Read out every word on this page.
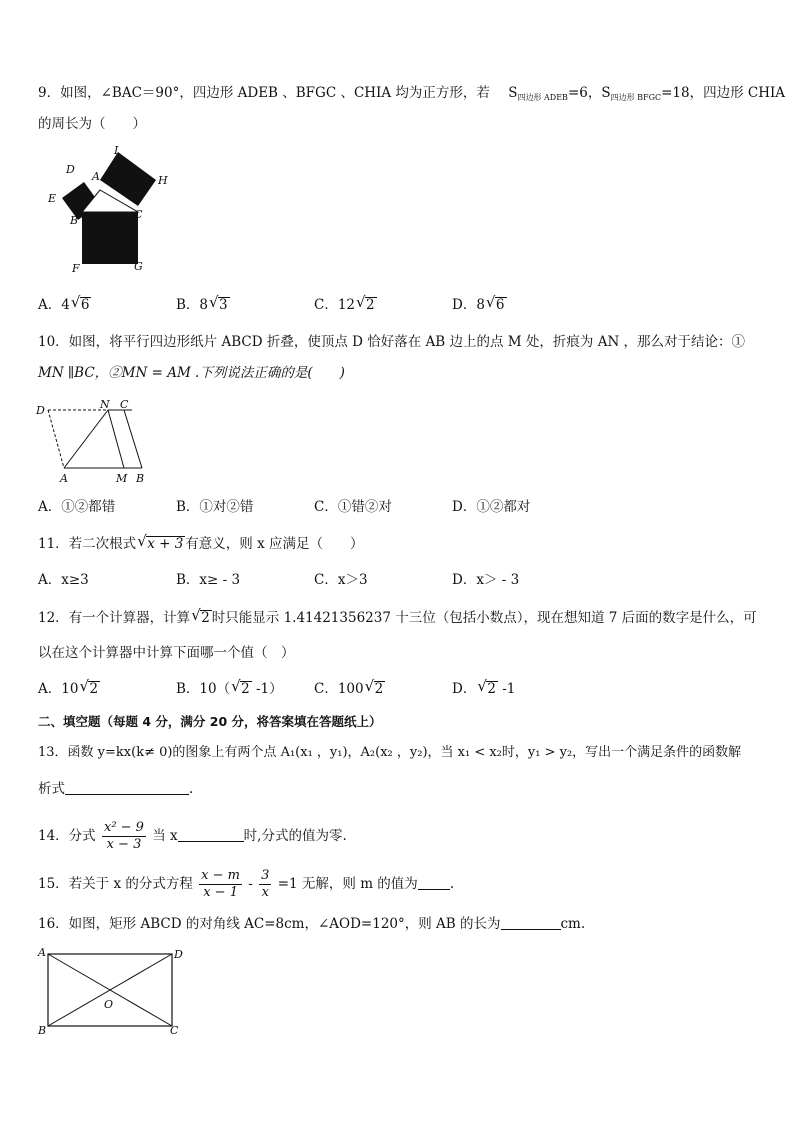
9．如图，∠BAC＝90°，四边形 ADEB 、BFGC 、CHIA 均为正方形，若 $S_{四边形 ADEB}=6$，$S_{四边形 BFGC}=18$，四边形 CHIA
的周长为（　　）
D
A
I
H
E
B	C
F	G
A．4 √ 6	B．8 √ 3	C．12 √ 2	D．8 √ 6
10．如图，将平行四边形纸片 ABCD 折叠，使顶点 D 恰好落在 AB 边上的点 M 处，折痕为 AN ，那么对于结论：①
MN ∥BC，②MN = AM .下列说法正确的是(　　)
D	N C
A	M B
A．①②都错	B．①对②错	C．①错②对	D．①②都对
11．若二次根式 √ x + 3 有意义，则 x 应满足（　　）
A．x≥3	B．x≥ - 3	C．x＞3	D．x＞ - 3
12．有一个计算器，计算 √ 2 时只能显示 1.41421356237 十三位（包括小数点），现在想知道 7 后面的数字是什么，可
以在这个计算器中计算下面哪一个值（　）
A．10 √ 2	B．10（ √ 2 -1） C．100 √ 2	D． √ 2 -1
二、填空题（每题 4 分，满分 20 分，将答案填在答题纸上）
13．函数 y=kx(k≠ 0)的图象上有两个点 A₁(x₁ ，y₁)，A₂(x₂ ，y₂)，当 x₁ < x₂时，y₁ > y₂，写出一个满足条件的函数解
析式	.
14．分式 $\frac{\text{x² − 9}}{x - 3}$ 当 x	时,分式的值为零.
15．若关于 x 的分式方程 $\frac{x - m}{x - 1} - \frac{3}{x} =1$ 无解，则 m 的值为 .
16．如图，矩形 ABCD 的对角线 AC=8cm，∠AOD=120°，则 AB 的长为	cm.
A	D
O
B	C
